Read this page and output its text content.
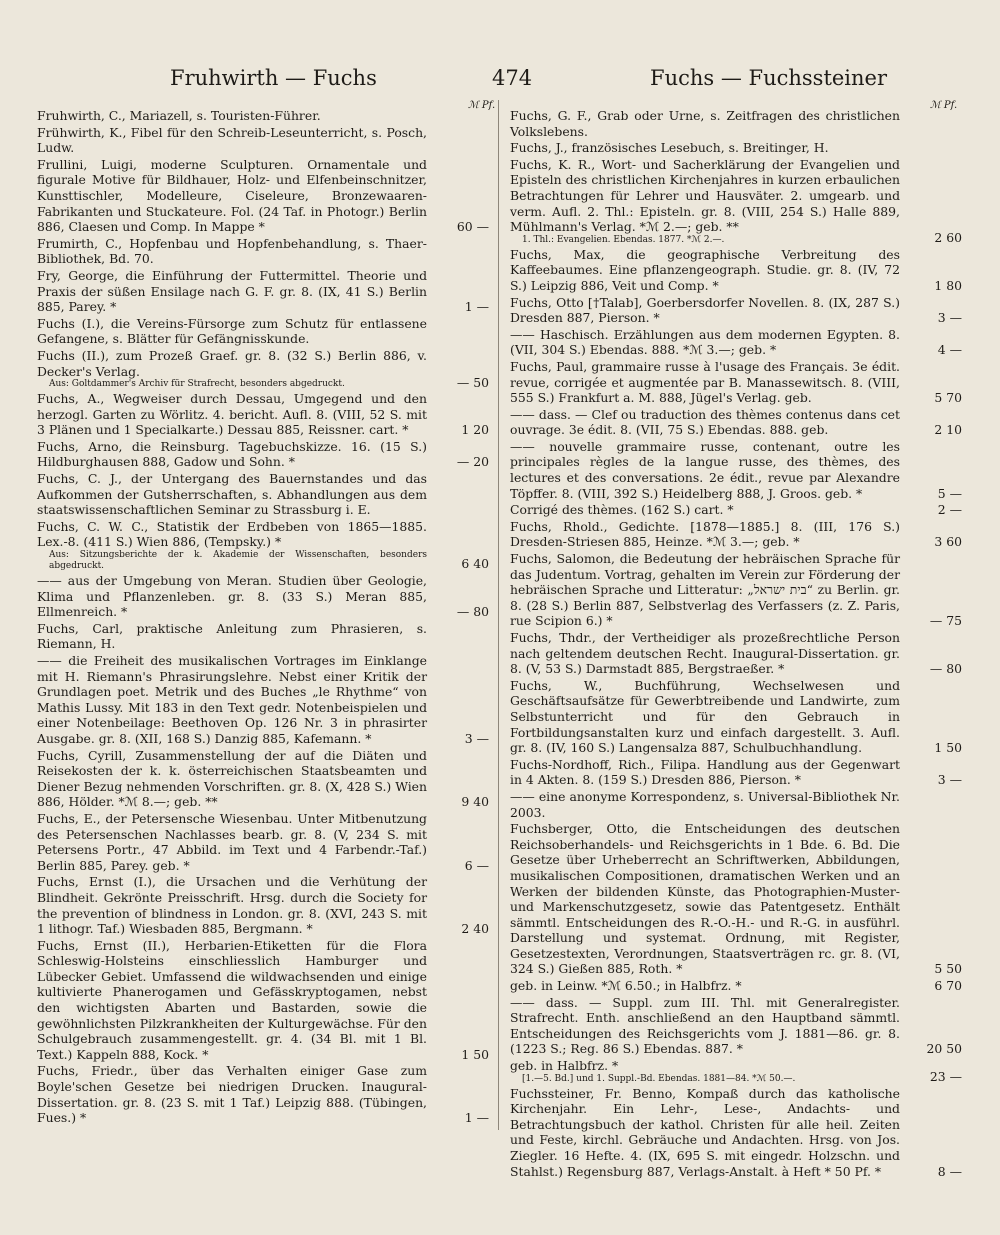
Fruhwirth — Fuchs	474	Fuchs — Fuchssteiner
ℳ Pf.	ℳ Pf.
Fruhwirth, C., Mariazell, s. Touristen-Führer.
Frühwirth, K., Fibel für den Schreib-Leseunterricht, s. Posch, Ludw.
Frullini, Luigi, moderne Sculpturen. Ornamentale und figurale Motive für Bildhauer, Holz- und Elfenbeinschnitzer, Kunsttischler, Modelleure, Ciseleure, Bronzewaaren-Fabrikanten und Stuckateure. Fol. (24 Taf. in Photogr.) Berlin 886, Claesen und Comp. In Mappe *	60 —
Frumirth, C., Hopfenbau und Hopfenbehandlung, s. Thaer-Bibliothek, Bd. 70.
Fry, George, die Einführung der Futtermittel. Theorie und Praxis der süßen Ensilage nach G. F. gr. 8. (IX, 41 S.) Berlin 885, Parey. *	1 —
Fuchs (I.), die Vereins-Fürsorge zum Schutz für entlassene Gefangene, s. Blätter für Gefängnisskunde.
Fuchs (II.), zum Prozeß Graef. gr. 8. (32 S.) Berlin 886, v. Decker's Verlag.
Aus: Goltdammer's Archiv für Strafrecht, besonders abgedruckt.	— 50
Fuchs, A., Wegweiser durch Dessau, Umgegend und den herzogl. Garten zu Wörlitz. 4. bericht. Aufl. 8. (VIII, 52 S. mit 3 Plänen und 1 Specialkarte.) Dessau 885, Reissner. cart. *	1 20
Fuchs, Arno, die Reinsburg. Tagebuchskizze. 16. (15 S.) Hildburghausen 888, Gadow und Sohn. *	— 20
Fuchs, C. J., der Untergang des Bauernstandes und das Aufkommen der Gutsherrschaften, s. Abhandlungen aus dem staatswissenschaftlichen Seminar zu Strassburg i. E.
Fuchs, C. W. C., Statistik der Erdbeben von 1865—1885. Lex.-8. (411 S.) Wien 886, (Tempsky.) *
Aus: Sitzungsberichte der k. Akademie der Wissenschaften, besonders abgedruckt.	6 40
—— aus der Umgebung von Meran. Studien über Geologie, Klima und Pflanzenleben. gr. 8. (33 S.) Meran 885, Ellmenreich. *	— 80
Fuchs, Carl, praktische Anleitung zum Phrasieren, s. Riemann, H.
—— die Freiheit des musikalischen Vortrages im Einklange mit H. Riemann's Phrasirungslehre. Nebst einer Kritik der Grundlagen poet. Metrik und des Buches „le Rhythme“ von Mathis Lussy. Mit 183 in den Text gedr. Notenbeispielen und einer Notenbeilage: Beethoven Op. 126 Nr. 3 in phrasirter Ausgabe. gr. 8. (XII, 168 S.) Danzig 885, Kafemann. *	3 —
Fuchs, Cyrill, Zusammenstellung der auf die Diäten und Reisekosten der k. k. österreichischen Staatsbeamten und Diener Bezug nehmenden Vorschriften. gr. 8. (X, 428 S.) Wien 886, Hölder. *ℳ 8.—; geb. **	9 40
Fuchs, E., der Petersensche Wiesenbau. Unter Mitbenutzung des Petersenschen Nachlasses bearb. gr. 8. (V, 234 S. mit Petersens Portr., 47 Abbild. im Text und 4 Farbendr.-Taf.) Berlin 885, Parey. geb. *	6 —
Fuchs, Ernst (I.), die Ursachen und die Verhütung der Blindheit. Gekrönte Preisschrift. Hrsg. durch die Society for the prevention of blindness in London. gr. 8. (XVI, 243 S. mit 1 lithogr. Taf.) Wiesbaden 885, Bergmann. *	2 40
Fuchs, Ernst (II.), Herbarien-Etiketten für die Flora Schleswig-Holsteins einschliesslich Hamburger und Lübecker Gebiet. Umfassend die wildwachsenden und einige kultivierte Phanerogamen und Gefässkryptogamen, nebst den wichtigsten Abarten und Bastarden, sowie die gewöhnlichsten Pilzkrankheiten der Kulturgewächse. Für den Schulgebrauch zusammengestellt. gr. 4. (34 Bl. mit 1 Bl. Text.) Kappeln 888, Kock. *	1 50
Fuchs, Friedr., über das Verhalten einiger Gase zum Boyle'schen Gesetze bei niedrigen Drucken. Inaugural-Dissertation. gr. 8. (23 S. mit 1 Taf.) Leipzig 888. (Tübingen, Fues.) *	1 —
Fuchs, G. F., Grab oder Urne, s. Zeitfragen des christlichen Volkslebens.
Fuchs, J., französisches Lesebuch, s. Breitinger, H.
Fuchs, K. R., Wort- und Sacherklärung der Evangelien und Episteln des christlichen Kirchenjahres in kurzen erbaulichen Betrachtungen für Lehrer und Hausväter. 2. umgearb. und verm. Aufl. 2. Thl.: Episteln. gr. 8. (VIII, 254 S.) Halle 889, Mühlmann's Verlag. *ℳ 2.—; geb. **
1. Thl.: Evangelien. Ebendas. 1877. *ℳ 2.—.	2 60
Fuchs, Max, die geographische Verbreitung des Kaffeebaumes. Eine pflanzengeograph. Studie. gr. 8. (IV, 72 S.) Leipzig 886, Veit und Comp. *	1 80
Fuchs, Otto [†Talab], Goerbersdorfer Novellen. 8. (IX, 287 S.) Dresden 887, Pierson. *	3 —
—— Haschisch. Erzählungen aus dem modernen Egypten. 8. (VII, 304 S.) Ebendas. 888. *ℳ 3.—; geb. *	4 —
Fuchs, Paul, grammaire russe à l'usage des Français. 3e édit. revue, corrigée et augmentée par B. Manassewitsch. 8. (VIII, 555 S.) Frankfurt a. M. 888, Jügel's Verlag. geb.	5 70
—— dass. — Clef ou traduction des thèmes contenus dans cet ouvrage. 3e édit. 8. (VII, 75 S.) Ebendas. 888. geb.	2 10
—— nouvelle grammaire russe, contenant, outre les principales règles de la langue russe, des thèmes, des lectures et des conversations. 2e édit., revue par Alexandre Töpffer. 8. (VIII, 392 S.) Heidelberg 888, J. Groos. geb. *	5 —
Corrigé des thèmes. (162 S.) cart. *	2 —
Fuchs, Rhold., Gedichte. [1878—1885.] 8. (III, 176 S.) Dresden-Striesen 885, Heinze. *ℳ 3.—; geb. *	3 60
Fuchs, Salomon, die Bedeutung der hebräischen Sprache für das Judentum. Vortrag, gehalten im Verein zur Förderung der hebräischen Sprache und Litteratur: „בית ישראל“ zu Berlin. gr. 8. (28 S.) Berlin 887, Selbstverlag des Verfassers (z. Z. Paris, rue Scipion 6.) *	— 75
Fuchs, Thdr., der Vertheidiger als prozeßrechtliche Person nach geltendem deutschen Recht. Inaugural-Dissertation. gr. 8. (V, 53 S.) Darmstadt 885, Bergstraeßer. *	— 80
Fuchs, W., Buchführung, Wechselwesen und Geschäftsaufsätze für Gewerbtreibende und Landwirte, zum Selbstunterricht und für den Gebrauch in Fortbildungsanstalten kurz und einfach dargestellt. 3. Aufl. gr. 8. (IV, 160 S.) Langensalza 887, Schulbuchhandlung.	1 50
Fuchs-Nordhoff, Rich., Filipa. Handlung aus der Gegenwart in 4 Akten. 8. (159 S.) Dresden 886, Pierson. *	3 —
—— eine anonyme Korrespondenz, s. Universal-Bibliothek Nr. 2003.
Fuchsberger, Otto, die Entscheidungen des deutschen Reichsoberhandels- und Reichsgerichts in 1 Bde. 6. Bd. Die Gesetze über Urheberrecht an Schriftwerken, Abbildungen, musikalischen Compositionen, dramatischen Werken und an Werken der bildenden Künste, das Photographien-Muster- und Markenschutzgesetz, sowie das Patentgesetz. Enthält sämmtl. Entscheidungen des R.-O.-H.- und R.-G. in ausführl. Darstellung und systemat. Ordnung, mit Register, Gesetzestexten, Verordnungen, Staatsverträgen rc. gr. 8. (VI, 324 S.) Gießen 885, Roth. *	5 50
geb. in Leinw. *ℳ 6.50.; in Halbfrz. *	6 70
—— dass. — Suppl. zum III. Thl. mit Generalregister. Strafrecht. Enth. anschließend an den Hauptband sämmtl. Entscheidungen des Reichsgerichts vom J. 1881—86. gr. 8. (1223 S.; Reg. 86 S.) Ebendas. 887. *	20 50
geb. in Halbfrz. *
[1.—5. Bd.] und 1. Suppl.-Bd. Ebendas. 1881—84. *ℳ 50.—.	23 —
Fuchssteiner, Fr. Benno, Kompaß durch das katholische Kirchenjahr. Ein Lehr-, Lese-, Andachts- und Betrachtungsbuch der kathol. Christen für alle heil. Zeiten und Feste, kirchl. Gebräuche und Andachten. Hrsg. von Jos. Ziegler. 16 Hefte. 4. (IX, 695 S. mit eingedr. Holzschn. und Stahlst.) Regensburg 887, Verlags-Anstalt. à Heft * 50 Pf. *	8 —
